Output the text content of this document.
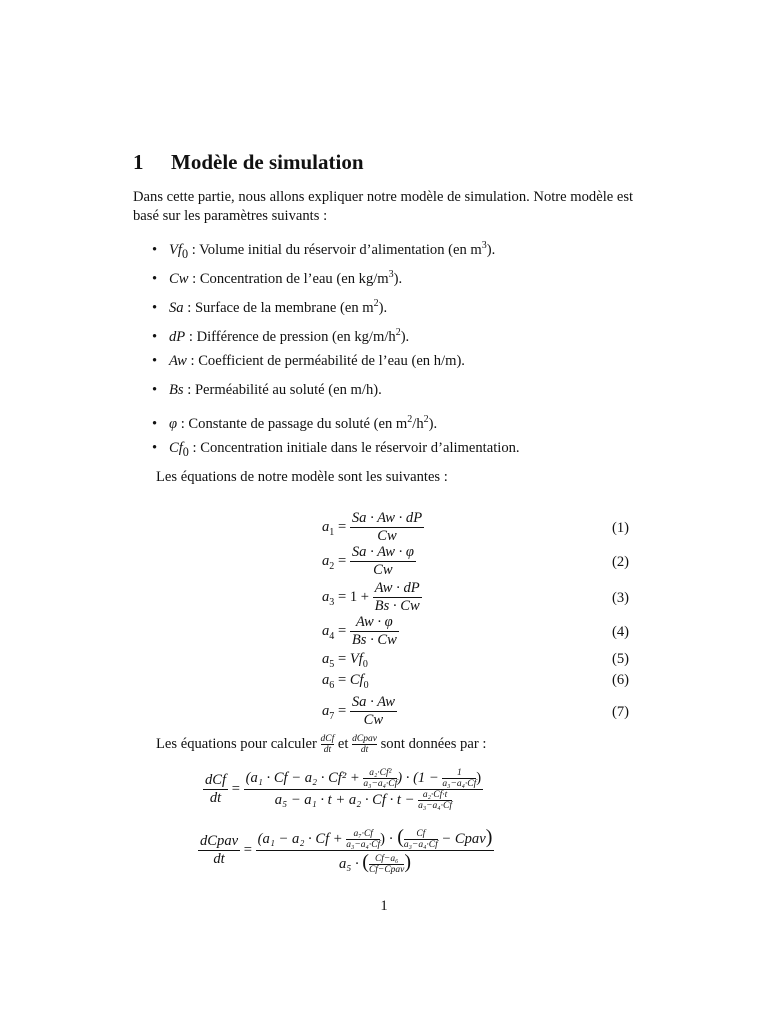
1 Modèle de simulation

Dans cette partie, nous allons expliquer notre modèle de simulation. Notre modèle est basé sur les paramètres suivants :

• $Vf_0$ : Volume initial du réservoir d’alimentation (en $m^3$).
• Cw : Concentration de l’eau (en $kg/m^3$).
• Sa : Surface de la membrane (en $m^2$).
• dP : Différence de pression (en $kg/m/h^2$).
• Aw : Coefficient de perméabilité de l’eau (en h/m).
• Bs : Perméabilité au soluté (en m/h).
• φ : Constante de passage du soluté (en $m^2/h^2$).
• $Cf_0$ : Concentration initiale dans le réservoir d’alimentation.

Les équations de notre modèle sont les suivantes :

$a_1 = \frac{Sa \cdot Aw \cdot dP}{Cw}$	(1)
$a_2 = \frac{Sa \cdot Aw \cdot \varphi}{Cw}$	(2)
$a_3 = 1 + \frac{Aw \cdot dP}{Bs \cdot Cw}$	(3)
$a_4 = \frac{Aw \cdot \varphi}{Bs \cdot Cw}$	(4)
$a_5 = Vf_0$	(5)
$a_6 = Cf_0$	(6)
$a_7 = \frac{Sa \cdot Aw}{Cw}$	(7)
Les équations pour calculer $\frac{\text{dCf}}{dt}$ et $\frac{\text{dCpav}}{dt}$ sont données par :
$\frac{\text{dCf}}{dt}$ =
($a_1 \cdot Cf - a_2 \cdot Cf^2 + \frac{\text{a₂·Cf²}}{\text{a₃−a₄·Cf}}$ ) · ($1 - \frac{1}{\text{a₃−a₄·Cf}}$ )
$a_5 - a_1 \cdot t + a_2 \cdot Cf \cdot t - \frac{\text{a₂·Cf·t}}{\text{a₃−a₄·Cf}}$
$\frac{\text{dCpav}}{dt}$ =
($a_1 - a_2 \cdot Cf + \frac{\text{a₇·Cf}}{\text{a₃−a₄·Cf}}$ ) · ( $\frac{Cf}{\text{a₃−a₄·Cf}}$ − Cpav)
a₅ · ( $\frac{\text{Cf−a₆}}{\text{Cf−Cpav}}$ )
1
